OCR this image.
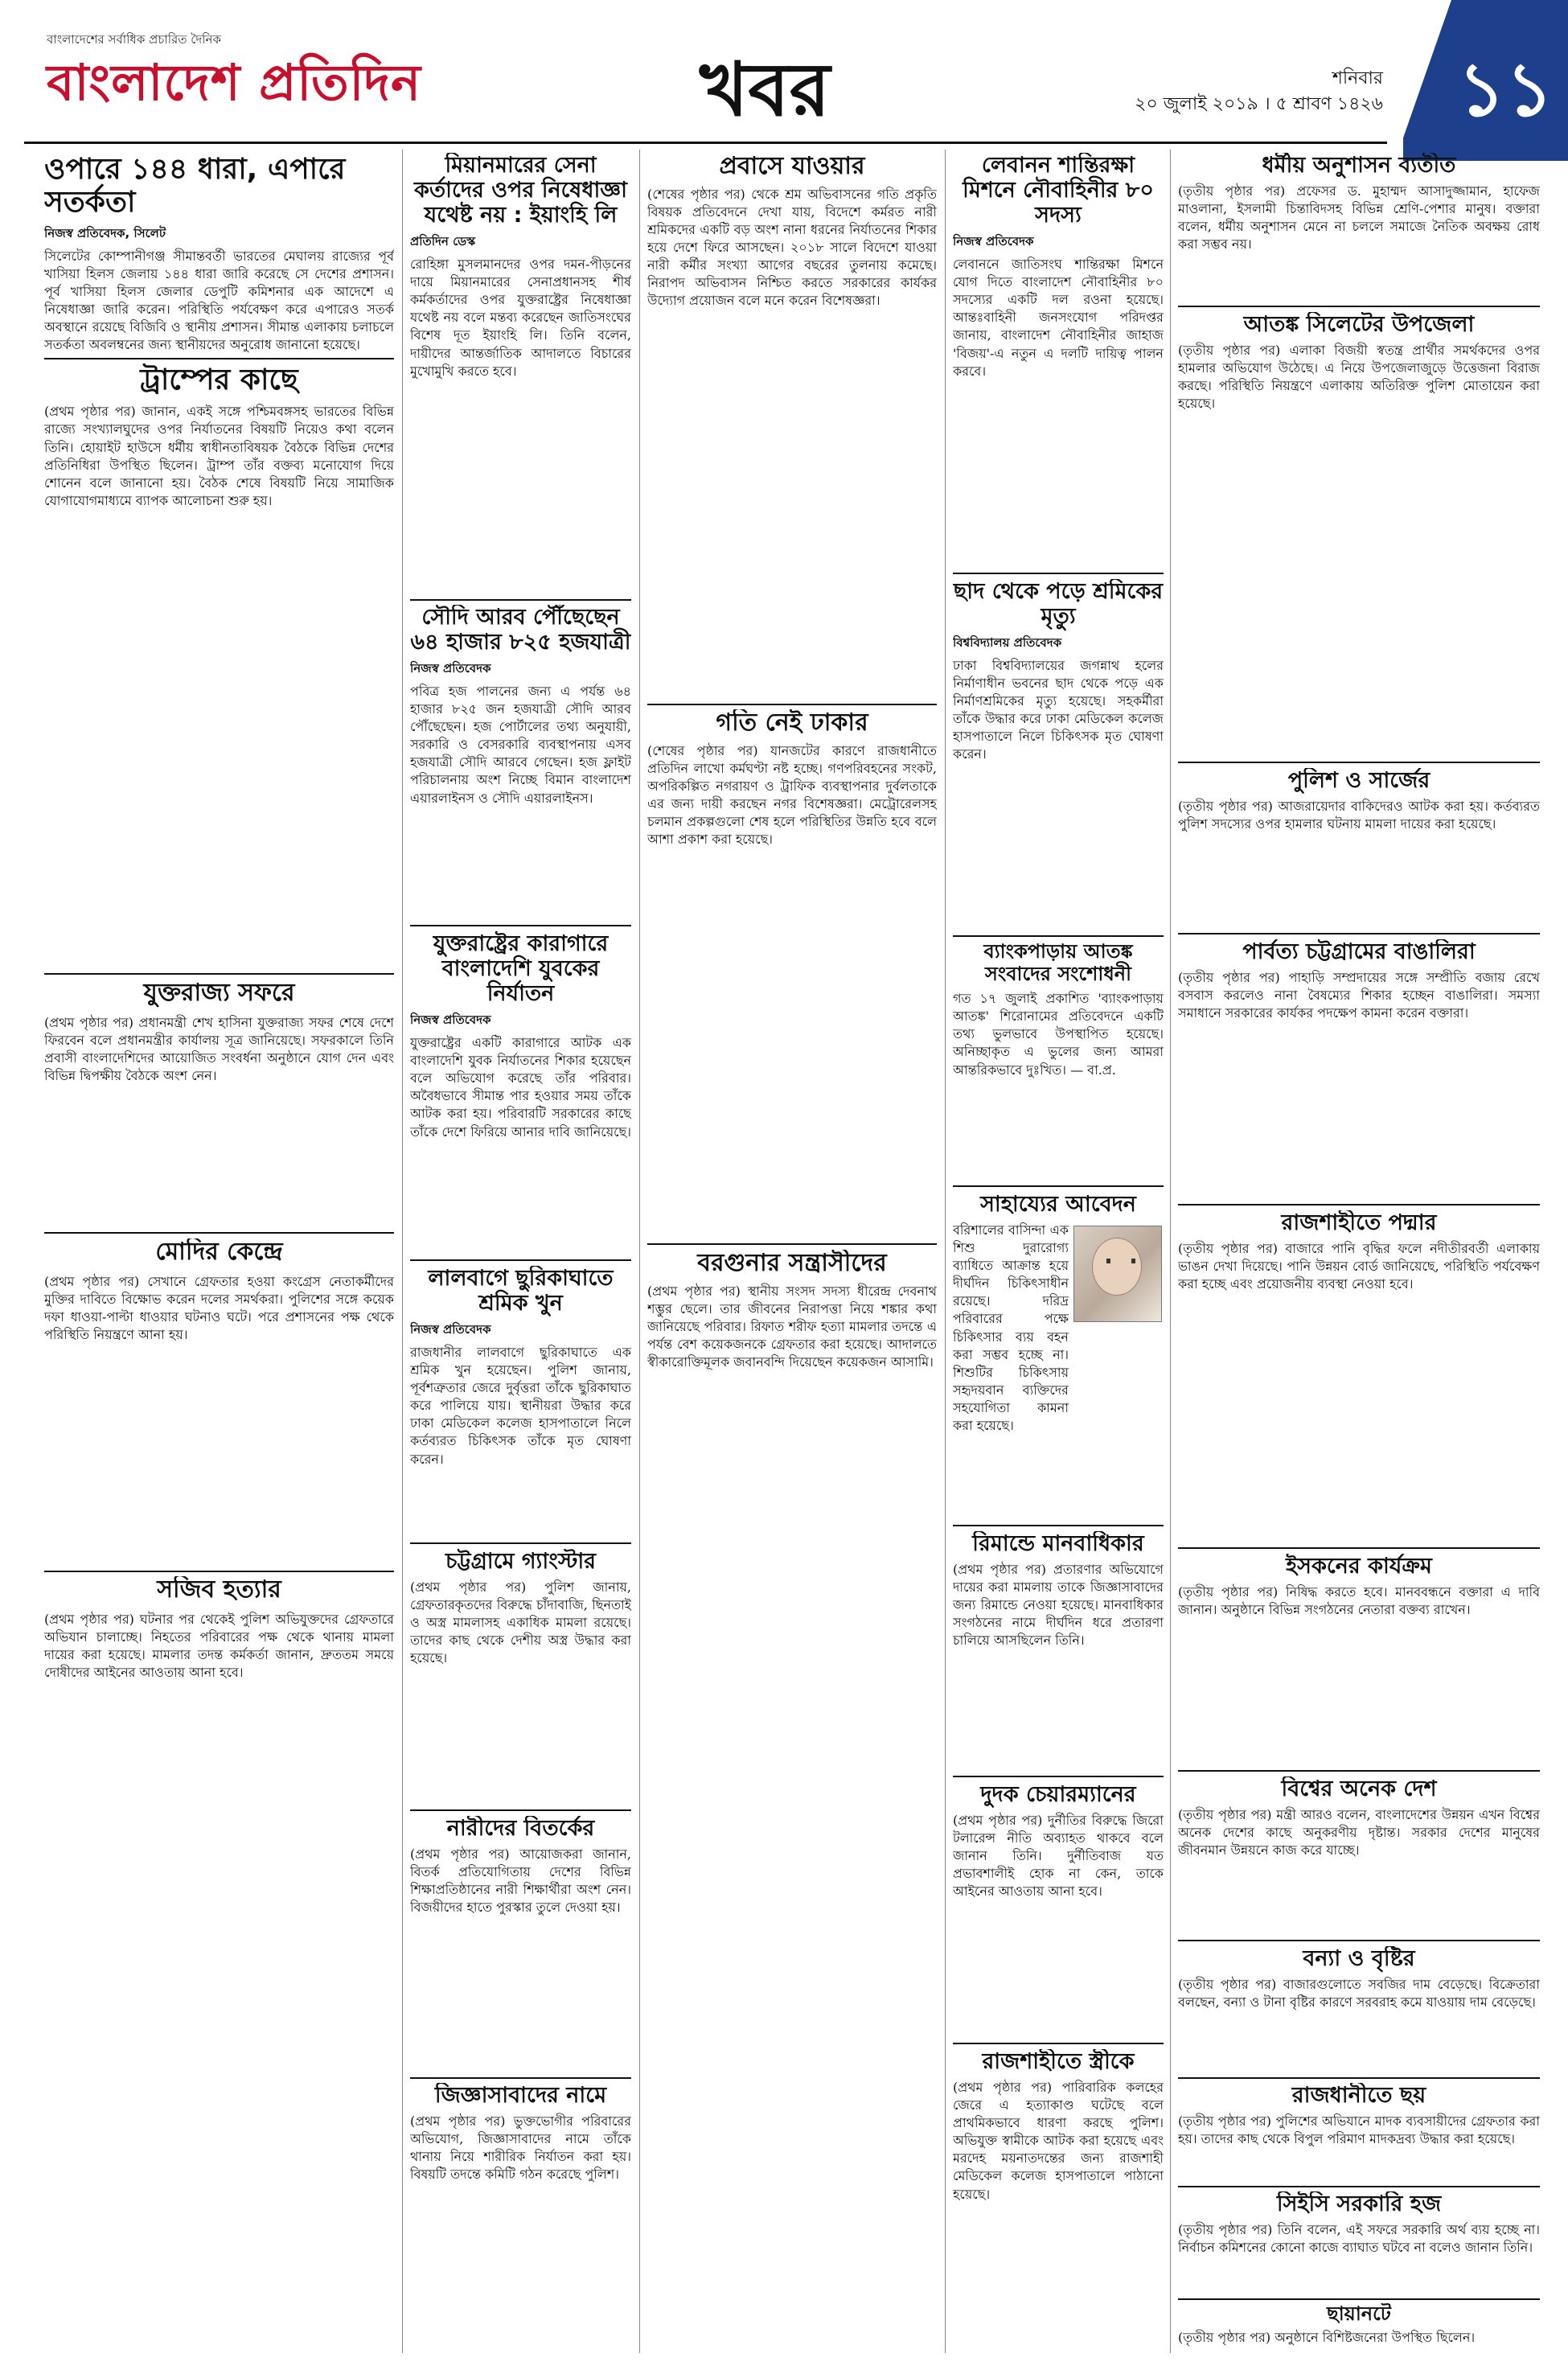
বাংলাদেশের সর্বাধিক প্রচারিত দৈনিক
বাংলাদেশ প্রতিদিন	খবর	শনিবার
২০ জুলাই ২০১৯ । ৫ শ্রাবণ ১৪২৬ ১১
ওপারে ১৪৪ ধারা, এপারে সতর্কতা
নিজস্ব প্রতিবেদক, সিলেট

সিলেটের কোম্পানীগঞ্জ সীমান্তবর্তী ভারতের মেঘালয় রাজ্যের পূর্ব খাসিয়া হিলস জেলায় ১৪৪ ধারা জারি করেছে সে দেশের প্রশাসন। পূর্ব খাসিয়া হিলস জেলার ডেপুটি কমিশনার এক আদেশে এ নিষেধাজ্ঞা জারি করেন। পরিস্থিতি পর্যবেক্ষণ করে এপারেও সতর্ক অবস্থানে রয়েছে বিজিবি ও স্থানীয় প্রশাসন। সীমান্ত এলাকায় চলাচলে সতর্কতা অবলম্বনের জন্য স্থানীয়দের অনুরোধ জানানো হয়েছে।

ট্রাম্পের কাছে

(প্রথম পৃষ্ঠার পর) জানান, একই সঙ্গে পশ্চিমবঙ্গসহ ভারতের বিভিন্ন রাজ্যে সংখ্যালঘুদের ওপর নির্যাতনের বিষয়টি নিয়েও কথা বলেন তিনি। হোয়াইট হাউসে ধর্মীয় স্বাধীনতাবিষয়ক বৈঠকে বিভিন্ন দেশের প্রতিনিধিরা উপস্থিত ছিলেন। ট্রাম্প তাঁর বক্তব্য মনোযোগ দিয়ে শোনেন বলে জানানো হয়। বৈঠক শেষে বিষয়টি নিয়ে সামাজিক যোগাযোগমাধ্যমে ব্যাপক আলোচনা শুরু হয়।

যুক্তরাজ্য সফরে

(প্রথম পৃষ্ঠার পর) প্রধানমন্ত্রী শেখ হাসিনা যুক্তরাজ্য সফর শেষে দেশে ফিরবেন বলে প্রধানমন্ত্রীর কার্যালয় সূত্র জানিয়েছে। সফরকালে তিনি প্রবাসী বাংলাদেশিদের আয়োজিত সংবর্ধনা অনুষ্ঠানে যোগ দেন এবং বিভিন্ন দ্বিপক্ষীয় বৈঠকে অংশ নেন।

মোদির কেন্দ্রে

(প্রথম পৃষ্ঠার পর) সেখানে গ্রেফতার হওয়া কংগ্রেস নেতাকর্মীদের মুক্তির দাবিতে বিক্ষোভ করেন দলের সমর্থকরা। পুলিশের সঙ্গে কয়েক দফা ধাওয়া-পাল্টা ধাওয়ার ঘটনাও ঘটে। পরে প্রশাসনের পক্ষ থেকে পরিস্থিতি নিয়ন্ত্রণে আনা হয়।

সজিব হত্যার

(প্রথম পৃষ্ঠার পর) ঘটনার পর থেকেই পুলিশ অভিযুক্তদের গ্রেফতারে অভিযান চালাচ্ছে। নিহতের পরিবারের পক্ষ থেকে থানায় মামলা দায়ের করা হয়েছে। মামলার তদন্ত কর্মকর্তা জানান, দ্রুততম সময়ে দোষীদের আইনের আওতায় আনা হবে।

মিয়ানমারের সেনা কর্তাদের ওপর নিষেধাজ্ঞা যথেষ্ট নয় : ইয়াংহি লি
প্রতিদিন ডেস্ক

রোহিঙ্গা মুসলমানদের ওপর দমন-পীড়নের দায়ে মিয়ানমারের সেনাপ্রধানসহ শীর্ষ কর্মকর্তাদের ওপর যুক্তরাষ্ট্রের নিষেধাজ্ঞা যথেষ্ট নয় বলে মন্তব্য করেছেন জাতিসংঘের বিশেষ দূত ইয়াংহি লি। তিনি বলেন, দায়ীদের আন্তর্জাতিক আদালতে বিচারের মুখোমুখি করতে হবে।

সৌদি আরব পৌঁছেছেন ৬৪ হাজার ৮২৫ হজযাত্রী
নিজস্ব প্রতিবেদক

পবিত্র হজ পালনের জন্য এ পর্যন্ত ৬৪ হাজার ৮২৫ জন হজযাত্রী সৌদি আরব পৌঁছেছেন। হজ পোর্টালের তথ্য অনুযায়ী, সরকারি ও বেসরকারি ব্যবস্থাপনায় এসব হজযাত্রী সৌদি আরবে গেছেন। হজ ফ্লাইট পরিচালনায় অংশ নিচ্ছে বিমান বাংলাদেশ এয়ারলাইনস ও সৌদি এয়ারলাইনস।

যুক্তরাষ্ট্রের কারাগারে বাংলাদেশি যুবকের নির্যাতন
নিজস্ব প্রতিবেদক

যুক্তরাষ্ট্রের একটি কারাগারে আটক এক বাংলাদেশি যুবক নির্যাতনের শিকার হয়েছেন বলে অভিযোগ করেছে তাঁর পরিবার। অবৈধভাবে সীমান্ত পার হওয়ার সময় তাঁকে আটক করা হয়। পরিবারটি সরকারের কাছে তাঁকে দেশে ফিরিয়ে আনার দাবি জানিয়েছে।

লালবাগে ছুরিকাঘাতে শ্রমিক খুন
নিজস্ব প্রতিবেদক

রাজধানীর লালবাগে ছুরিকাঘাতে এক শ্রমিক খুন হয়েছেন। পুলিশ জানায়, পূর্বশত্রুতার জেরে দুর্বৃত্তরা তাঁকে ছুরিকাঘাত করে পালিয়ে যায়। স্থানীয়রা উদ্ধার করে ঢাকা মেডিকেল কলেজ হাসপাতালে নিলে কর্তব্যরত চিকিৎসক তাঁকে মৃত ঘোষণা করেন।

চট্টগ্রামে গ্যাংস্টার

(প্রথম পৃষ্ঠার পর) পুলিশ জানায়, গ্রেফতারকৃতদের বিরুদ্ধে চাঁদাবাজি, ছিনতাই ও অস্ত্র মামলাসহ একাধিক মামলা রয়েছে। তাদের কাছ থেকে দেশীয় অস্ত্র উদ্ধার করা হয়েছে।

নারীদের বিতর্কের

(প্রথম পৃষ্ঠার পর) আয়োজকরা জানান, বিতর্ক প্রতিযোগিতায় দেশের বিভিন্ন শিক্ষাপ্রতিষ্ঠানের নারী শিক্ষার্থীরা অংশ নেন। বিজয়ীদের হাতে পুরস্কার তুলে দেওয়া হয়।

জিজ্ঞাসাবাদের নামে

(প্রথম পৃষ্ঠার পর) ভুক্তভোগীর পরিবারের অভিযোগ, জিজ্ঞাসাবাদের নামে তাঁকে থানায় নিয়ে শারীরিক নির্যাতন করা হয়। বিষয়টি তদন্তে কমিটি গঠন করেছে পুলিশ।

প্রবাসে যাওয়ার

(শেষের পৃষ্ঠার পর) থেকে শ্রম অভিবাসনের গতি প্রকৃতি বিষয়ক প্রতিবেদনে দেখা যায়, বিদেশে কর্মরত নারী শ্রমিকদের একটি বড় অংশ নানা ধরনের নির্যাতনের শিকার হয়ে দেশে ফিরে আসছেন। ২০১৮ সালে বিদেশে যাওয়া নারী কর্মীর সংখ্যা আগের বছরের তুলনায় কমেছে। নিরাপদ অভিবাসন নিশ্চিত করতে সরকারের কার্যকর উদ্যোগ প্রয়োজন বলে মনে করেন বিশেষজ্ঞরা।

গতি নেই ঢাকার

(শেষের পৃষ্ঠার পর) যানজটের কারণে রাজধানীতে প্রতিদিন লাখো কর্মঘণ্টা নষ্ট হচ্ছে। গণপরিবহনের সংকট, অপরিকল্পিত নগরায়ণ ও ট্রাফিক ব্যবস্থাপনার দুর্বলতাকে এর জন্য দায়ী করছেন নগর বিশেষজ্ঞরা। মেট্রোরেলসহ চলমান প্রকল্পগুলো শেষ হলে পরিস্থিতির উন্নতি হবে বলে আশা প্রকাশ করা হয়েছে।

বরগুনার সন্ত্রাসীদের

(প্রথম পৃষ্ঠার পর) স্থানীয় সংসদ সদস্য ধীরেন্দ্র দেবনাথ শম্ভুর ছেলে। তার জীবনের নিরাপত্তা নিয়ে শঙ্কার কথা জানিয়েছে পরিবার। রিফাত শরীফ হত্যা মামলার তদন্তে এ পর্যন্ত বেশ কয়েকজনকে গ্রেফতার করা হয়েছে। আদালতে স্বীকারোক্তিমূলক জবানবন্দি দিয়েছেন কয়েকজন আসামি।

লেবানন শান্তিরক্ষা মিশনে নৌবাহিনীর ৮০ সদস্য
নিজস্ব প্রতিবেদক

লেবাননে জাতিসংঘ শান্তিরক্ষা মিশনে যোগ দিতে বাংলাদেশ নৌবাহিনীর ৮০ সদস্যের একটি দল রওনা হয়েছে। আন্তঃবাহিনী জনসংযোগ পরিদপ্তর জানায়, বাংলাদেশ নৌবাহিনীর জাহাজ 'বিজয়'-এ নতুন এ দলটি দায়িত্ব পালন করবে।

ছাদ থেকে পড়ে শ্রমিকের মৃত্যু
বিশ্ববিদ্যালয় প্রতিবেদক

ঢাকা বিশ্ববিদ্যালয়ের জগন্নাথ হলের নির্মাণাধীন ভবনের ছাদ থেকে পড়ে এক নির্মাণশ্রমিকের মৃত্যু হয়েছে। সহকর্মীরা তাঁকে উদ্ধার করে ঢাকা মেডিকেল কলেজ হাসপাতালে নিলে চিকিৎসক মৃত ঘোষণা করেন।

ব্যাংকপাড়ায় আতঙ্ক সংবাদের সংশোধনী

গত ১৭ জুলাই প্রকাশিত 'ব্যাংকপাড়ায় আতঙ্ক' শিরোনামের প্রতিবেদনে একটি তথ্য ভুলভাবে উপস্থাপিত হয়েছে। অনিচ্ছাকৃত এ ভুলের জন্য আমরা আন্তরিকভাবে দুঃখিত। — বা.প্র.

সাহায্যের আবেদন

বরিশালের বাসিন্দা এক শিশু দুরারোগ্য ব্যাধিতে আক্রান্ত হয়ে দীর্ঘদিন চিকিৎসাধীন রয়েছে। দরিদ্র পরিবারের পক্ষে চিকিৎসার ব্যয় বহন করা সম্ভব হচ্ছে না। শিশুটির চিকিৎসায় সহৃদয়বান ব্যক্তিদের সহযোগিতা কামনা করা হয়েছে।

রিমান্ডে মানবাধিকার

(প্রথম পৃষ্ঠার পর) প্রতারণার অভিযোগে দায়ের করা মামলায় তাকে জিজ্ঞাসাবাদের জন্য রিমান্ডে নেওয়া হয়েছে। মানবাধিকার সংগঠনের নামে দীর্ঘদিন ধরে প্রতারণা চালিয়ে আসছিলেন তিনি।

দুদক চেয়ারম্যানের

(প্রথম পৃষ্ঠার পর) দুর্নীতির বিরুদ্ধে জিরো টলারেন্স নীতি অব্যাহত থাকবে বলে জানান তিনি। দুর্নীতিবাজ যত প্রভাবশালীই হোক না কেন, তাকে আইনের আওতায় আনা হবে।

রাজশাহীতে স্ত্রীকে

(প্রথম পৃষ্ঠার পর) পারিবারিক কলহের জেরে এ হত্যাকাণ্ড ঘটেছে বলে প্রাথমিকভাবে ধারণা করছে পুলিশ। অভিযুক্ত স্বামীকে আটক করা হয়েছে এবং মরদেহ ময়নাতদন্তের জন্য রাজশাহী মেডিকেল কলেজ হাসপাতালে পাঠানো হয়েছে।

ধর্মীয় অনুশাসন ব্যতীত

(তৃতীয় পৃষ্ঠার পর) প্রফেসর ড. মুহাম্মদ আসাদুজ্জামান, হাফেজ মাওলানা, ইসলামী চিন্তাবিদসহ বিভিন্ন শ্রেণি-পেশার মানুষ। বক্তারা বলেন, ধর্মীয় অনুশাসন মেনে না চললে সমাজে নৈতিক অবক্ষয় রোধ করা সম্ভব নয়।

আতঙ্ক সিলেটের উপজেলা

(তৃতীয় পৃষ্ঠার পর) এলাকা বিজয়ী স্বতন্ত্র প্রার্থীর সমর্থকদের ওপর হামলার অভিযোগ উঠেছে। এ নিয়ে উপজেলাজুড়ে উত্তেজনা বিরাজ করছে। পরিস্থিতি নিয়ন্ত্রণে এলাকায় অতিরিক্ত পুলিশ মোতায়েন করা হয়েছে।

পুলিশ ও সার্জের

(তৃতীয় পৃষ্ঠার পর) আজরায়েদার বাকিদেরও আটক করা হয়। কর্তব্যরত পুলিশ সদস্যের ওপর হামলার ঘটনায় মামলা দায়ের করা হয়েছে।

পার্বত্য চট্টগ্রামের বাঙালিরা

(তৃতীয় পৃষ্ঠার পর) পাহাড়ি সম্প্রদায়ের সঙ্গে সম্প্রীতি বজায় রেখে বসবাস করলেও নানা বৈষম্যের শিকার হচ্ছেন বাঙালিরা। সমস্যা সমাধানে সরকারের কার্যকর পদক্ষেপ কামনা করেন বক্তারা।

রাজশাহীতে পদ্মার

(তৃতীয় পৃষ্ঠার পর) বাজারে পানি বৃদ্ধির ফলে নদীতীরবর্তী এলাকায় ভাঙন দেখা দিয়েছে। পানি উন্নয়ন বোর্ড জানিয়েছে, পরিস্থিতি পর্যবেক্ষণ করা হচ্ছে এবং প্রয়োজনীয় ব্যবস্থা নেওয়া হবে।

ইসকনের কার্যক্রম

(তৃতীয় পৃষ্ঠার পর) নিষিদ্ধ করতে হবে। মানববন্ধনে বক্তারা এ দাবি জানান। অনুষ্ঠানে বিভিন্ন সংগঠনের নেতারা বক্তব্য রাখেন।

বিশ্বের অনেক দেশ

(তৃতীয় পৃষ্ঠার পর) মন্ত্রী আরও বলেন, বাংলাদেশের উন্নয়ন এখন বিশ্বের অনেক দেশের কাছে অনুকরণীয় দৃষ্টান্ত। সরকার দেশের মানুষের জীবনমান উন্নয়নে কাজ করে যাচ্ছে।

বন্যা ও বৃষ্টির

(তৃতীয় পৃষ্ঠার পর) বাজারগুলোতে সবজির দাম বেড়েছে। বিক্রেতারা বলছেন, বন্যা ও টানা বৃষ্টির কারণে সরবরাহ কমে যাওয়ায় দাম বেড়েছে।

রাজধানীতে ছয়

(তৃতীয় পৃষ্ঠার পর) পুলিশের অভিযানে মাদক ব্যবসায়ীদের গ্রেফতার করা হয়। তাদের কাছ থেকে বিপুল পরিমাণ মাদকদ্রব্য উদ্ধার করা হয়েছে।

সিইসি সরকারি হজ

(তৃতীয় পৃষ্ঠার পর) তিনি বলেন, এই সফরে সরকারি অর্থ ব্যয় হচ্ছে না। নির্বাচন কমিশনের কোনো কাজে ব্যাঘাত ঘটবে না বলেও জানান তিনি।

ছায়ানটে

(তৃতীয় পৃষ্ঠার পর) অনুষ্ঠানে বিশিষ্টজনেরা উপস্থিত ছিলেন।
